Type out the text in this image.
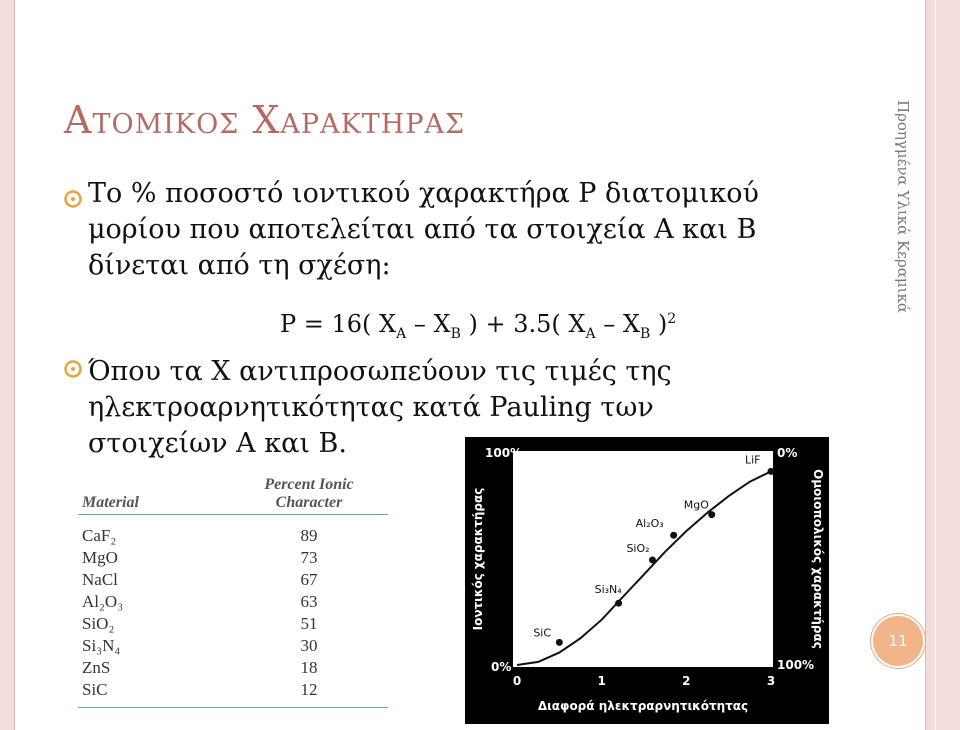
Ατομικος Χαρακτηρας
Το % ποσοστό ιοντικού χαρακτήρα P διατομικού
μορίου που αποτελείται από τα στοιχεία A και B
δίνεται από τη σχέση:
P = 16( $X_A - X_B$ ) + 3.5( $X_A - X_B$ )$^2$
Όπου τα X αντιπροσωπεύουν τις τιμές της
ηλεκτροαρνητικότητας κατά Pauling των
στοιχείων A και B.
Προηγμένα Υλικά Κεραμικά
Material	Percent Ionic Character
CaF₂	89
MgO	73
NaCl	67
Al₂O₃	63
SiO₂	51
Si₃N₄	30
ZnS	18
SiC	12

100%
0%
0%
100%
Διαφορά ηλεκτραρνητικότητας
Ιοντικός χαρακτήρας	Ομοιοπολικός χαρακτήρας
0	1	2	3
SiC
Si₃N₄
SiO₂
Al₂O₃
MgO
LiF
11
